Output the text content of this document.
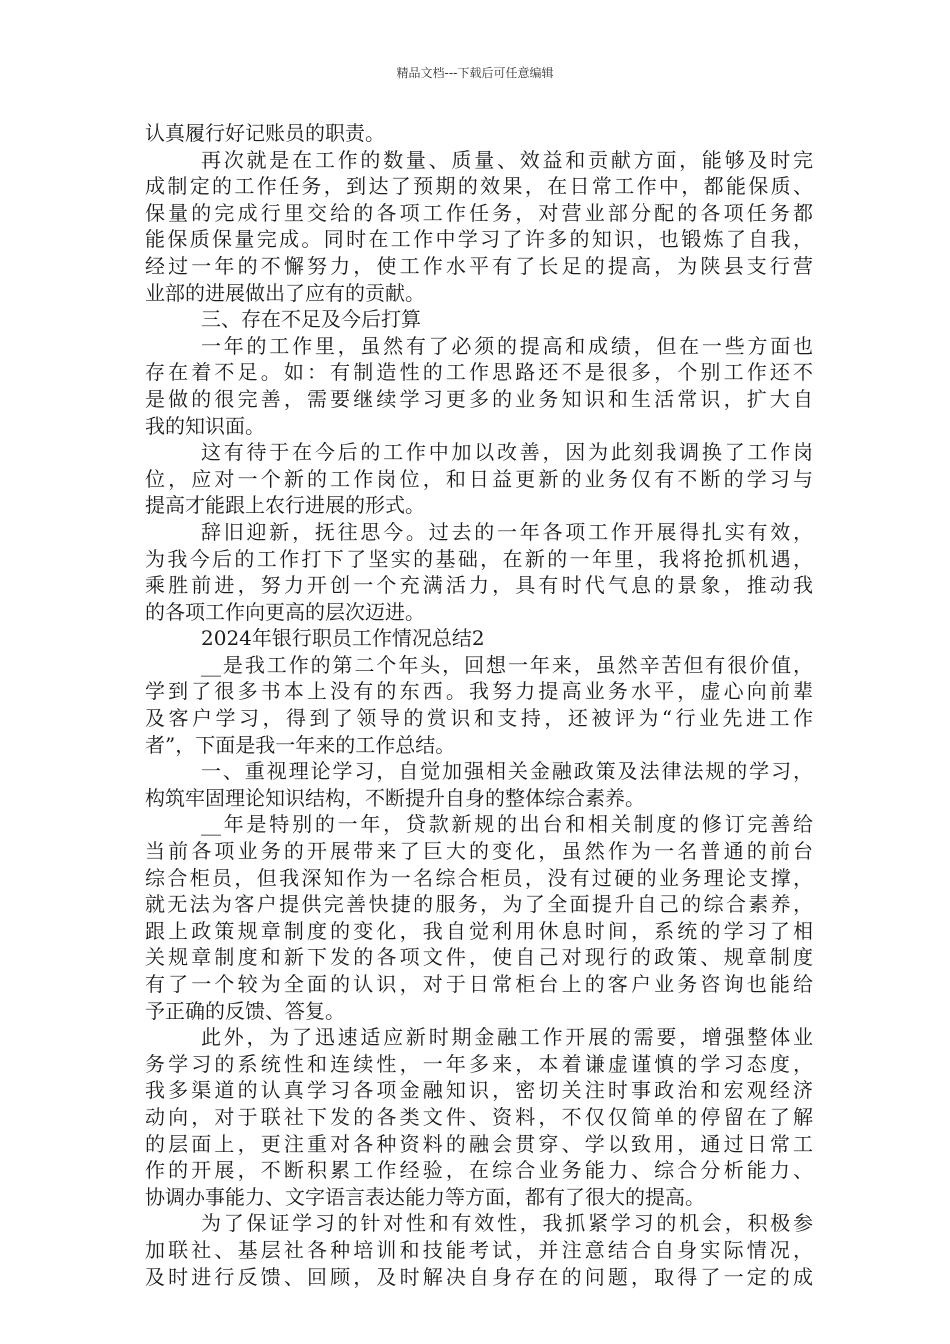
精品文档---下载后可任意编辑
认真履行好记账员的职责。
再次就是在工作的数量、质量、效益和贡献方面，能够及时完
成制定的工作任务，到达了预期的效果，在日常工作中，都能保质、
保量的完成行里交给的各项工作任务，对营业部分配的各项任务都
能保质保量完成。同时在工作中学习了许多的知识，也锻炼了自我，
经过一年的不懈努力，使工作水平有了长足的提高，为陕县支行营
业部的进展做出了应有的贡献。
三、存在不足及今后打算
一年的工作里，虽然有了必须的提高和成绩，但在一些方面也
存在着不足。如：有制造性的工作思路还不是很多，个别工作还不
是做的很完善，需要继续学习更多的业务知识和生活常识，扩大自
我的知识面。
这有待于在今后的工作中加以改善，因为此刻我调换了工作岗
位，应对一个新的工作岗位，和日益更新的业务仅有不断的学习与
提高才能跟上农行进展的形式。
辞旧迎新，抚往思今。过去的一年各项工作开展得扎实有效，
为我今后的工作打下了坚实的基础，在新的一年里，我将抢抓机遇，
乘胜前进，努力开创一个充满活力，具有时代气息的景象，推动我
的各项工作向更高的层次迈进。
2024年银行职员工作情况总结2
__是我工作的第二个年头，回想一年来，虽然辛苦但有很价值，
学到了很多书本上没有的东西。我努力提高业务水平，虚心向前辈
及客户学习，得到了领导的赏识和支持，还被评为“行业先进工作
者”，下面是我一年来的工作总结。
一、重视理论学习，自觉加强相关金融政策及法律法规的学习，
构筑牢固理论知识结构，不断提升自身的整体综合素养。
__年是特别的一年，贷款新规的出台和相关制度的修订完善给
当前各项业务的开展带来了巨大的变化，虽然作为一名普通的前台
综合柜员，但我深知作为一名综合柜员，没有过硬的业务理论支撑，
就无法为客户提供完善快捷的服务，为了全面提升自己的综合素养，
跟上政策规章制度的变化，我自觉利用休息时间，系统的学习了相
关规章制度和新下发的各项文件，使自己对现行的政策、规章制度
有了一个较为全面的认识，对于日常柜台上的客户业务咨询也能给
予正确的反馈、答复。
此外，为了迅速适应新时期金融工作开展的需要，增强整体业
务学习的系统性和连续性，一年多来，本着谦虚谨慎的学习态度，
我多渠道的认真学习各项金融知识，密切关注时事政治和宏观经济
动向，对于联社下发的各类文件、资料，不仅仅简单的停留在了解
的层面上，更注重对各种资料的融会贯穿、学以致用，通过日常工
作的开展，不断积累工作经验，在综合业务能力、综合分析能力、
协调办事能力、文字语言表达能力等方面，都有了很大的提高。
为了保证学习的针对性和有效性，我抓紧学习的机会，积极参
加联社、基层社各种培训和技能考试，并注意结合自身实际情况，
及时进行反馈、回顾，及时解决自身存在的问题，取得了一定的成
